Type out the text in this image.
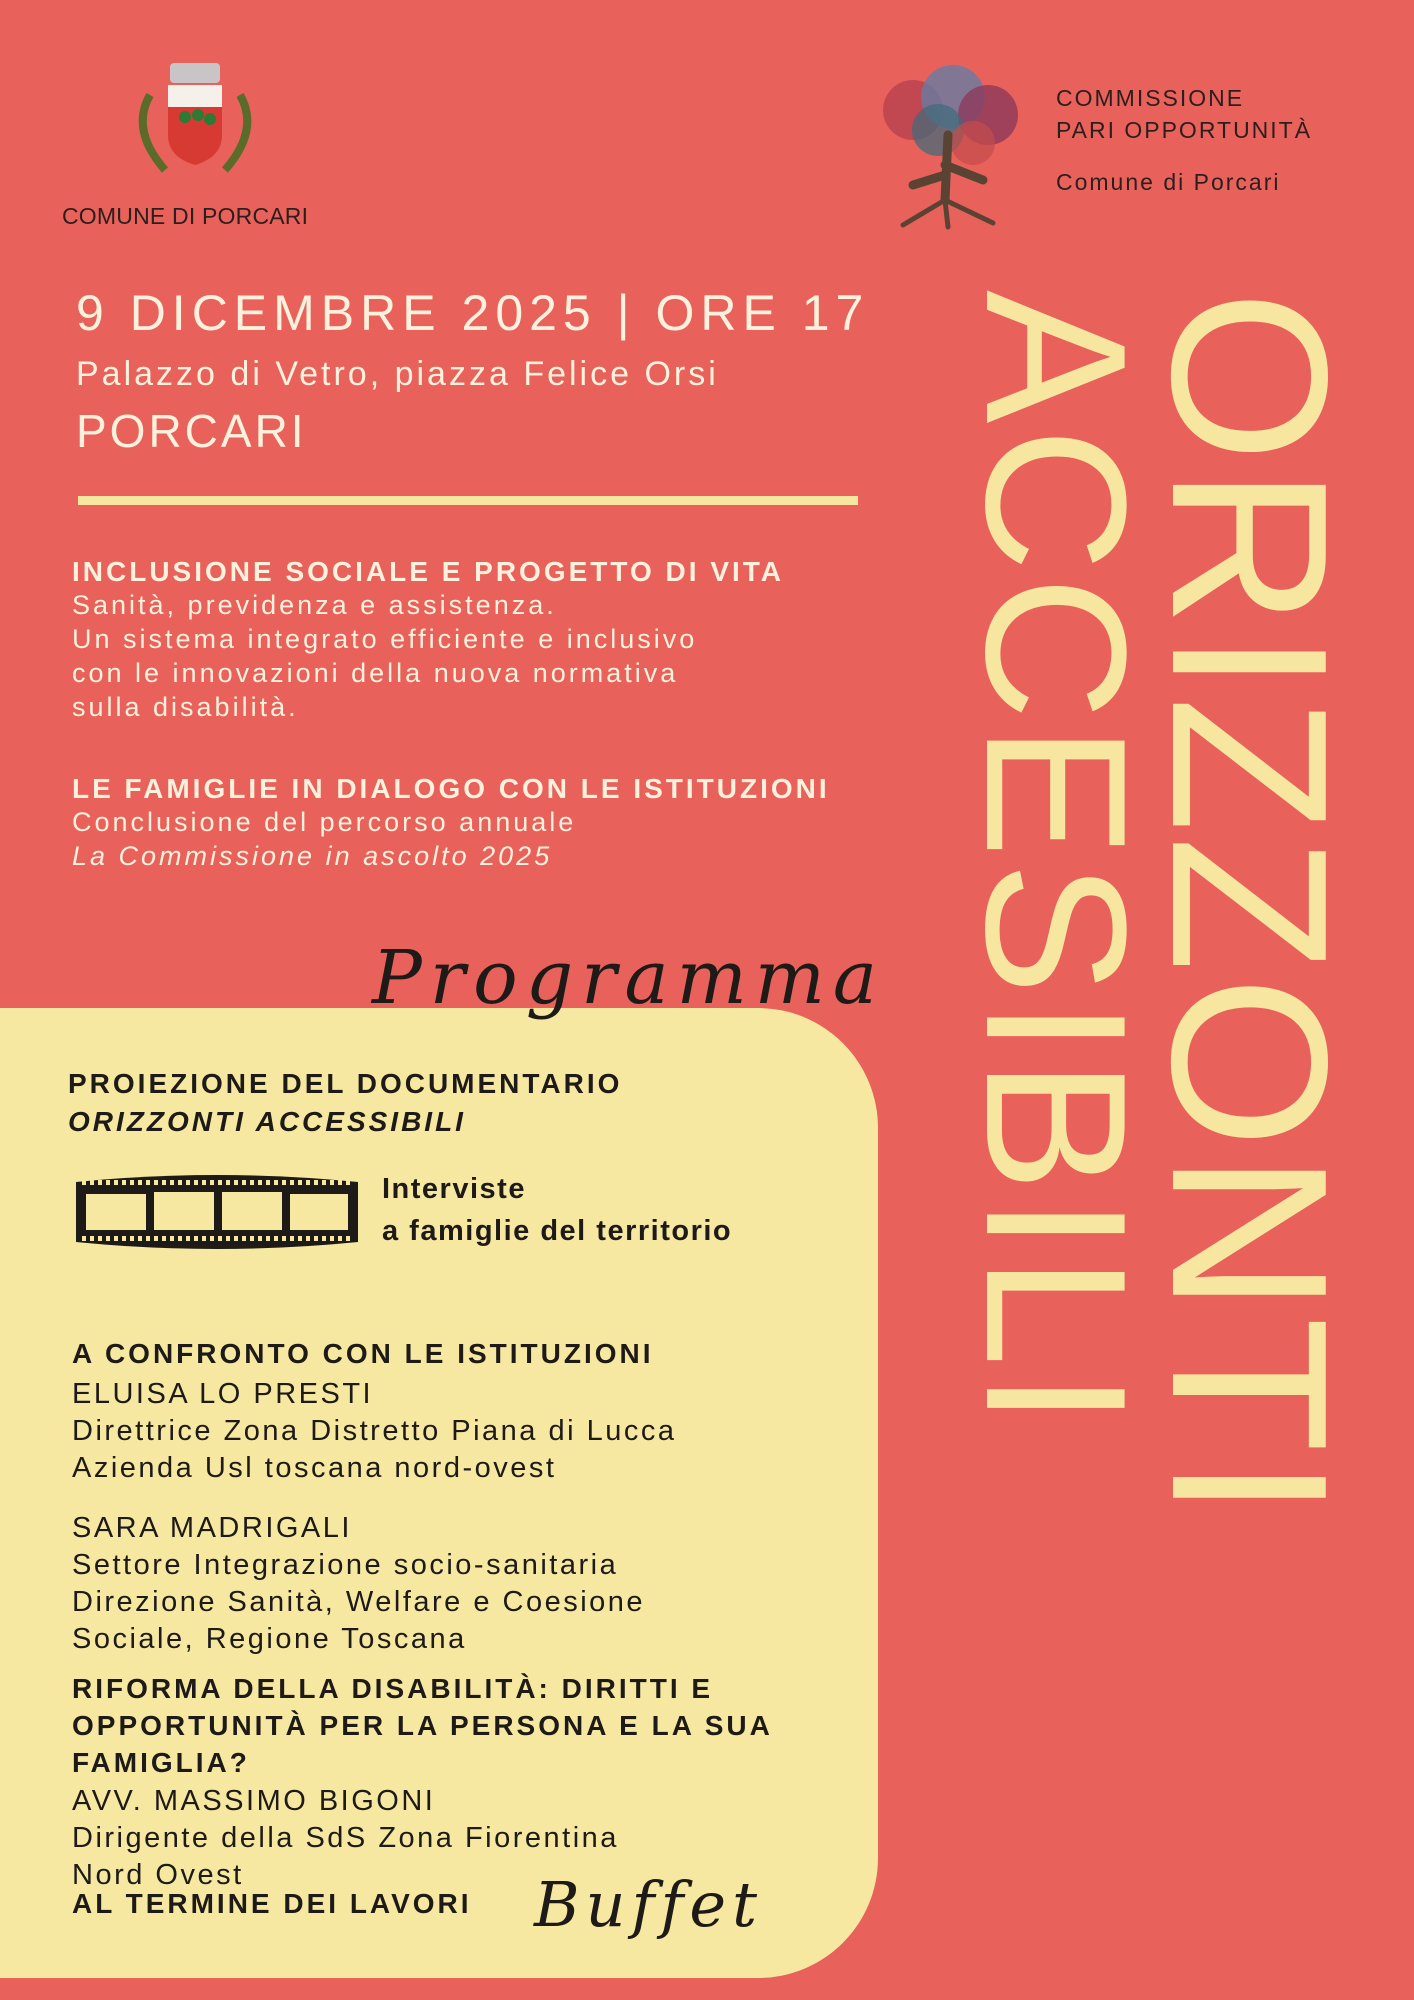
COMUNE DI PORCARI
COMMISSIONE
PARI OPPORTUNITÀ
Comune di Porcari
9 DICEMBRE 2025 | ORE 17
Palazzo di Vetro, piazza Felice Orsi
PORCARI
INCLUSIONE SOCIALE E PROGETTO DI VITA

Sanità, previdenza e assistenza.

Un sistema integrato efficiente e inclusivo

con le innovazioni della nuova normativa

sulla disabilità.

LE FAMIGLIE IN DIALOGO CON LE ISTITUZIONI

Conclusione del percorso annuale

La Commissione in ascolto 2025	ORIZZONTI
ACCESIBILI
Programma
PROIEZIONE DEL DOCUMENTARIO
ORIZZONTI ACCESSIBILI
Interviste
a famiglie del territorio
A CONFRONTO CON LE ISTITUZIONI

ELUISA LO PRESTI

Direttrice Zona Distretto Piana di Lucca

Azienda Usl toscana nord-ovest

SARA MADRIGALI

Settore Integrazione socio-sanitaria

Direzione Sanità, Welfare e Coesione

Sociale, Regione Toscana

RIFORMA DELLA DISABILITÀ: DIRITTI E
OPPORTUNITÀ PER LA PERSONA E LA SUA
FAMIGLIA?

AVV. MASSIMO BIGONI

Dirigente della SdS Zona Fiorentina

Nord Ovest

AL TERMINE DEI LAVORI Buffet
